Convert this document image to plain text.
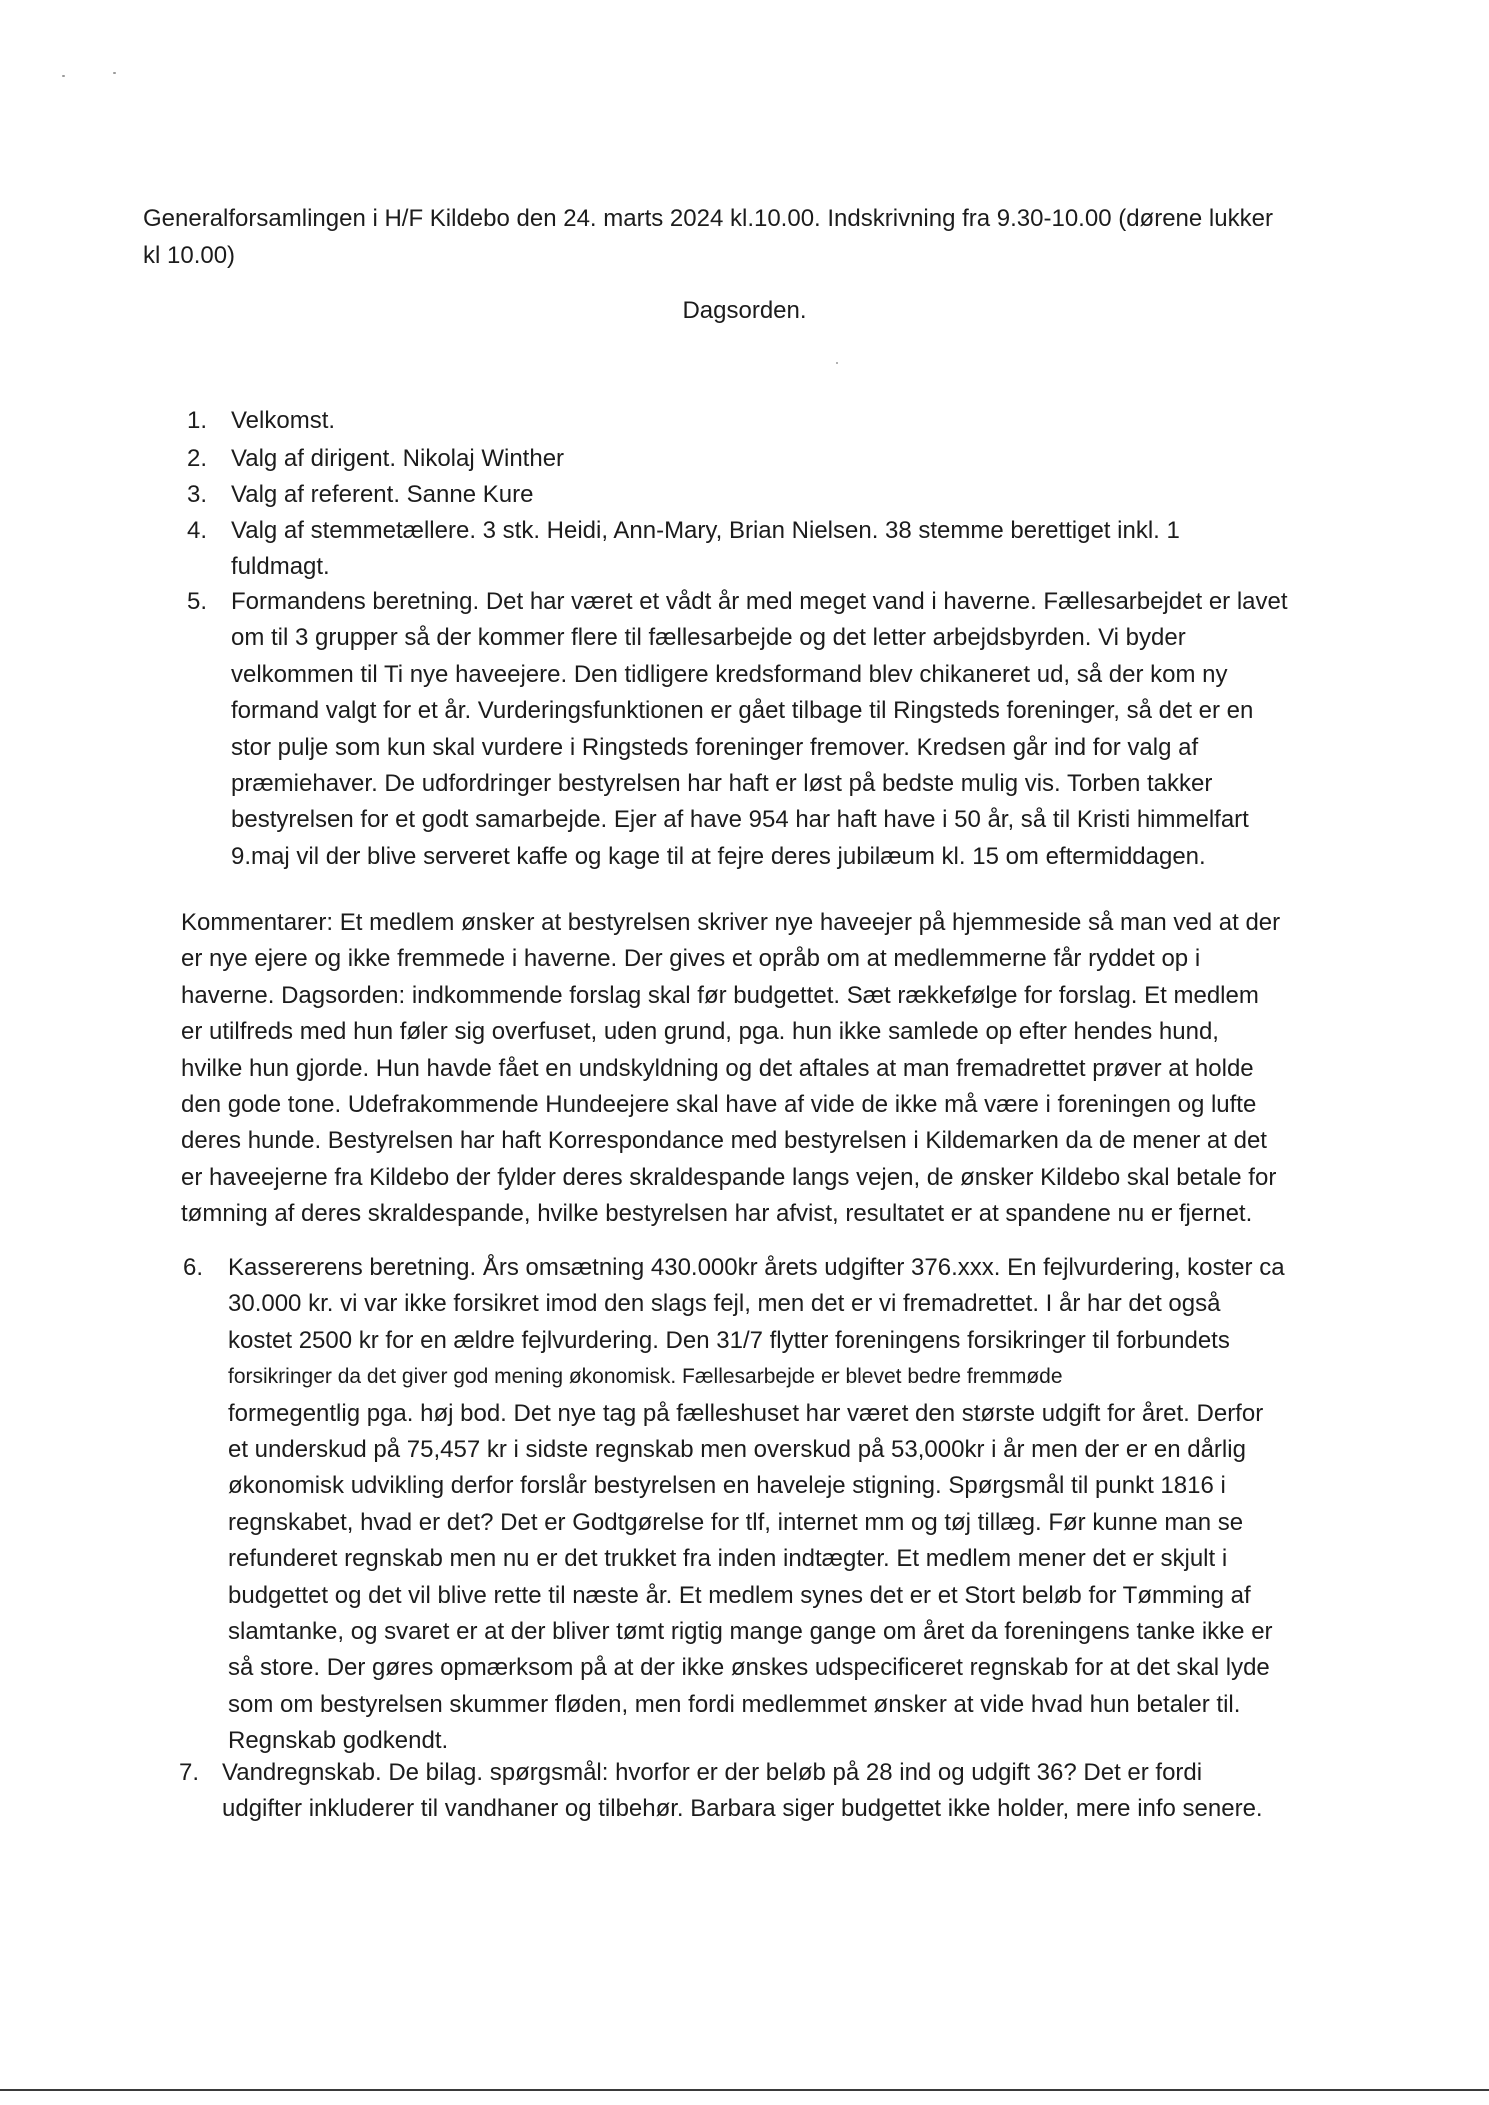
Generalforsamlingen i H/F Kildebo den 24. marts 2024 kl.10.00. Indskrivning fra 9.30-10.00 (dørene lukker
kl 10.00)
Dagsorden.
1. Velkomst.
2. Valg af dirigent. Nikolaj Winther
3. Valg af referent. Sanne Kure
4. Valg af stemmetællere. 3 stk. Heidi, Ann-Mary, Brian Nielsen. 38 stemme berettiget inkl. 1
fuldmagt.
5. Formandens beretning. Det har været et vådt år med meget vand i haverne. Fællesarbejdet er lavet
om til 3 grupper så der kommer flere til fællesarbejde og det letter arbejdsbyrden. Vi byder
velkommen til Ti nye haveejere. Den tidligere kredsformand blev chikaneret ud, så der kom ny
formand valgt for et år. Vurderingsfunktionen er gået tilbage til Ringsteds foreninger, så det er en
stor pulje som kun skal vurdere i Ringsteds foreninger fremover. Kredsen går ind for valg af
præmiehaver. De udfordringer bestyrelsen har haft er løst på bedste mulig vis. Torben takker
bestyrelsen for et godt samarbejde. Ejer af have 954 har haft have i 50 år, så til Kristi himmelfart
9.maj vil der blive serveret kaffe og kage til at fejre deres jubilæum kl. 15 om eftermiddagen.
Kommentarer: Et medlem ønsker at bestyrelsen skriver nye haveejer på hjemmeside så man ved at der
er nye ejere og ikke fremmede i haverne. Der gives et opråb om at medlemmerne får ryddet op i
haverne. Dagsorden: indkommende forslag skal før budgettet. Sæt rækkefølge for forslag. Et medlem
er utilfreds med hun føler sig overfuset, uden grund, pga. hun ikke samlede op efter hendes hund,
hvilke hun gjorde. Hun havde fået en undskyldning og det aftales at man fremadrettet prøver at holde
den gode tone. Udefrakommende Hundeejere skal have af vide de ikke må være i foreningen og lufte
deres hunde. Bestyrelsen har haft Korrespondance med bestyrelsen i Kildemarken da de mener at det
er haveejerne fra Kildebo der fylder deres skraldespande langs vejen, de ønsker Kildebo skal betale for
tømning af deres skraldespande, hvilke bestyrelsen har afvist, resultatet er at spandene nu er fjernet.
6.	Kassererens beretning. Års omsætning 430.000kr årets udgifter 376.xxx. En fejlvurdering, koster ca
30.000 kr. vi var ikke forsikret imod den slags fejl, men det er vi fremadrettet. I år har det også
kostet 2500 kr for en ældre fejlvurdering. Den 31/7 flytter foreningens forsikringer til forbundets
forsikringer da det giver god mening økonomisk. Fællesarbejde er blevet bedre fremmøde
formegentlig pga. høj bod. Det nye tag på fælleshuset har været den største udgift for året. Derfor
et underskud på 75,457 kr i sidste regnskab men overskud på 53,000kr i år men der er en dårlig
økonomisk udvikling derfor forslår bestyrelsen en haveleje stigning. Spørgsmål til punkt 1816 i
regnskabet, hvad er det? Det er Godtgørelse for tlf, internet mm og tøj tillæg. Før kunne man se
refunderet regnskab men nu er det trukket fra inden indtægter. Et medlem mener det er skjult i
budgettet og det vil blive rette til næste år. Et medlem synes det er et Stort beløb for Tømming af
slamtanke, og svaret er at der bliver tømt rigtig mange gange om året da foreningens tanke ikke er
så store. Der gøres opmærksom på at der ikke ønskes udspecificeret regnskab for at det skal lyde
som om bestyrelsen skummer fløden, men fordi medlemmet ønsker at vide hvad hun betaler til.
Regnskab godkendt.
7. Vandregnskab. De bilag. spørgsmål: hvorfor er der beløb på 28 ind og udgift 36? Det er fordi
udgifter inkluderer til vandhaner og tilbehør. Barbara siger budgettet ikke holder, mere info senere.
